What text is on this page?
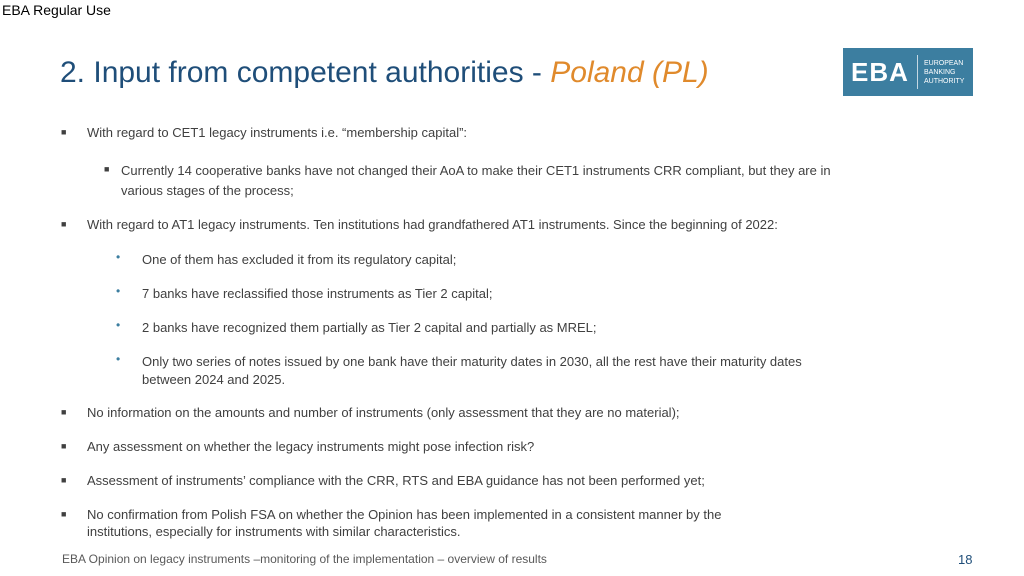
EBA Regular Use
2. Input from competent authorities - Poland (PL)	EBA	EUROPEAN
BANKING
AUTHORITY
■ With regard to CET1 legacy instruments i.e. “membership capital”:
■ Currently 14 cooperative banks have not changed their AoA to make their CET1 instruments CRR compliant, but they are in various stages of the process;
■ With regard to AT1 legacy instruments. Ten institutions had grandfathered AT1 instruments. Since the beginning of 2022:
• One of them has excluded it from its regulatory capital;
• 7 banks have reclassified those instruments as Tier 2 capital;
• 2 banks have recognized them partially as Tier 2 capital and partially as MREL;
• Only two series of notes issued by one bank have their maturity dates in 2030, all the rest have their maturity dates between 2024 and 2025.
■ No information on the amounts and number of instruments (only assessment that they are no material);
■ Any assessment on whether the legacy instruments might pose infection risk?
■ Assessment of instruments’ compliance with the CRR, RTS and EBA guidance has not been performed yet;
■ No confirmation from Polish FSA on whether the Opinion has been implemented in a consistent manner by the institutions, especially for instruments with similar characteristics.
EBA Opinion on legacy instruments –monitoring of the implementation – overview of results	18
